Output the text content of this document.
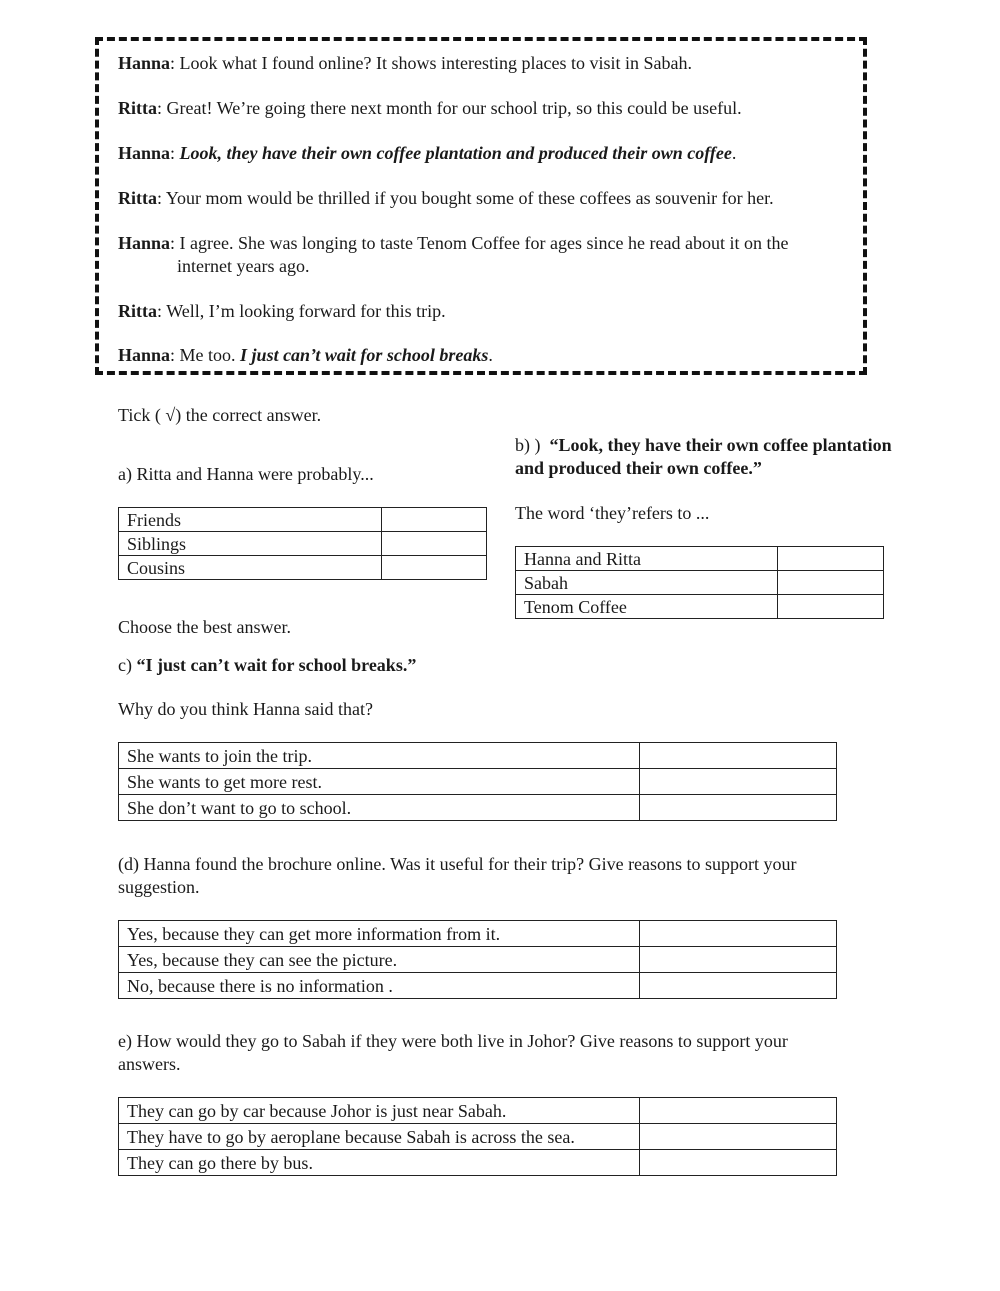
Hanna: Look what I found online? It shows interesting places to visit in Sabah.
Ritta: Great! We’re going there next month for our school trip, so this could be useful.
Hanna: Look, they have their own coffee plantation and produced their own coffee.
Ritta: Your mom would be thrilled if you bought some of these coffees as souvenir for her.
Hanna: I agree. She was longing to taste Tenom Coffee for ages since he read about it on the
internet years ago.
Ritta: Well, I’m looking forward for this trip.
Hanna: Me too. I just can’t wait for school breaks.
Tick ( √) the correct answer.
a) Ritta and Hanna were probably...
Friends	
Siblings	
Cousins	
b) ) “Look, they have their own coffee plantation
and produced their own coffee.”
The word ‘they’refers to ...
Hanna and Ritta	
Sabah	
Tenom Coffee	
Choose the best answer.
c) “I just can’t wait for school breaks.”
Why do you think Hanna said that?
She wants to join the trip.	
She wants to get more rest.	
She don’t want to go to school.	
(d) Hanna found the brochure online. Was it useful for their trip? Give reasons to support your
suggestion.
Yes, because they can get more information from it.	
Yes, because they can see the picture.	
No, because there is no information .	
e) How would they go to Sabah if they were both live in Johor? Give reasons to support your
answers.
They can go by car because Johor is just near Sabah.	
They have to go by aeroplane because Sabah is across the sea.	
They can go there by bus.	
